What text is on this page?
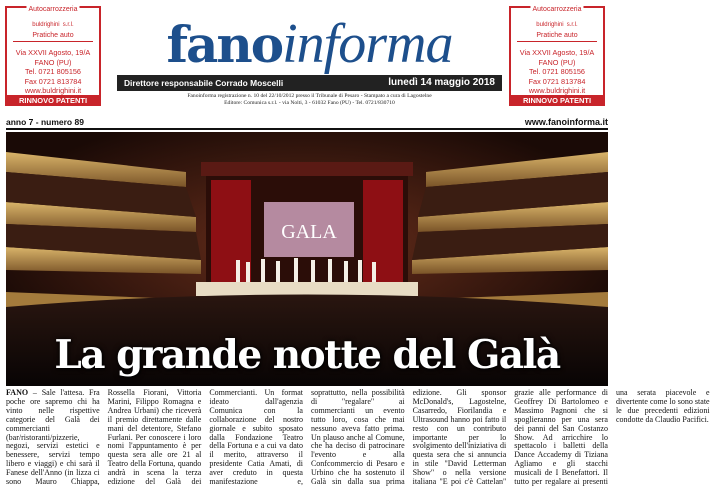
Autocarrozzeria
buldrighini s.r.l.
Pratiche auto
Via XXVII Agosto, 19/A
FANO (PU)
Tel. 0721 805156
Fax 0721 813784
www.buldrighini.it
RINNOVO PATENTI
Autocarrozzeria
buldrighini s.r.l.
Pratiche auto
Via XXVII Agosto, 19/A
FANO (PU)
Tel. 0721 805156
Fax 0721 813784
www.buldrighini.it
RINNOVO PATENTI
fanoinforma
Direttore responsabile Corrado Moscelli	lunedì 14 maggio 2018
Fanoinforma registrazione n. 10 del 22/10/2012 presso il Tribunale di Pesaro - Stampato a cura di Lagostelne
Editore: Comunica s.r.l. - via Nolti, 3 - 61032 Fano (PU) - Tel. 0721/830710
anno 7 - numero 89	www.fanoinforma.it
GALA
La grande notte del Galà

FANO – Sale l'attesa. Fra poche ore sapremo chi ha vinto nelle rispettive categorie del Galà dei commercianti (bar/ristoranti/pizzerie, negozi, servizi estetici e benessere, servizi tempo libero e viaggi) e chi sarà il Fanese dell'Anno (in lizza ci sono Mauro Chiappa, Rossella Fiorani, Vittoria Marini, Filippo Romagna e Andrea Urbani) che riceverà il premio direttamente dalle mani del detentore, Stefano Furlani. Per conoscere i loro nomi l'appuntamento è per questa sera alle ore 21 al Teatro della Fortuna, quando andrà in scena la terza edizione del Galà dei Commercianti. Un format ideato dall'agenzia Comunica con la collaborazione del nostro giornale e subito sposato dalla Fondazione Teatro della Fortuna e a cui va dato il merito, attraverso il presidente Catia Amati, di aver creduto in questa manifestazione e, soprattutto, nella possibilità di "regalare" ai commercianti un evento tutto loro, cosa che mai nessuno aveva fatto prima. Un plauso anche al Comune, che ha deciso di patrocinare l'evento e alla Confcommercio di Pesaro e Urbino che ha sostenuto il Galà sin dalla sua prima edizione. Gli sponsor McDonald's, Lagostelne, Casarredo, Fiorilandia e Ultrasound hanno poi fatto il resto con un contributo importante per lo svolgimento dell'iniziativa di questa sera che si annuncia in stile "David Letterman Show" o nella versione italiana "E poi c'è Cattelan" grazie alle performance di Geoffrey Di Bartolomeo e Massimo Pagnoni che si spoglieranno per una sera dei panni del San Costanzo Show. Ad arricchire lo spettacolo i balletti della Dance Accademy di Tiziana Agliamo e gli stacchi musicali de I Benefattori. Il tutto per regalare ai presenti una serata piacevole e divertente come lo sono state le due precedenti edizioni condotte da Claudio Pacifici.
